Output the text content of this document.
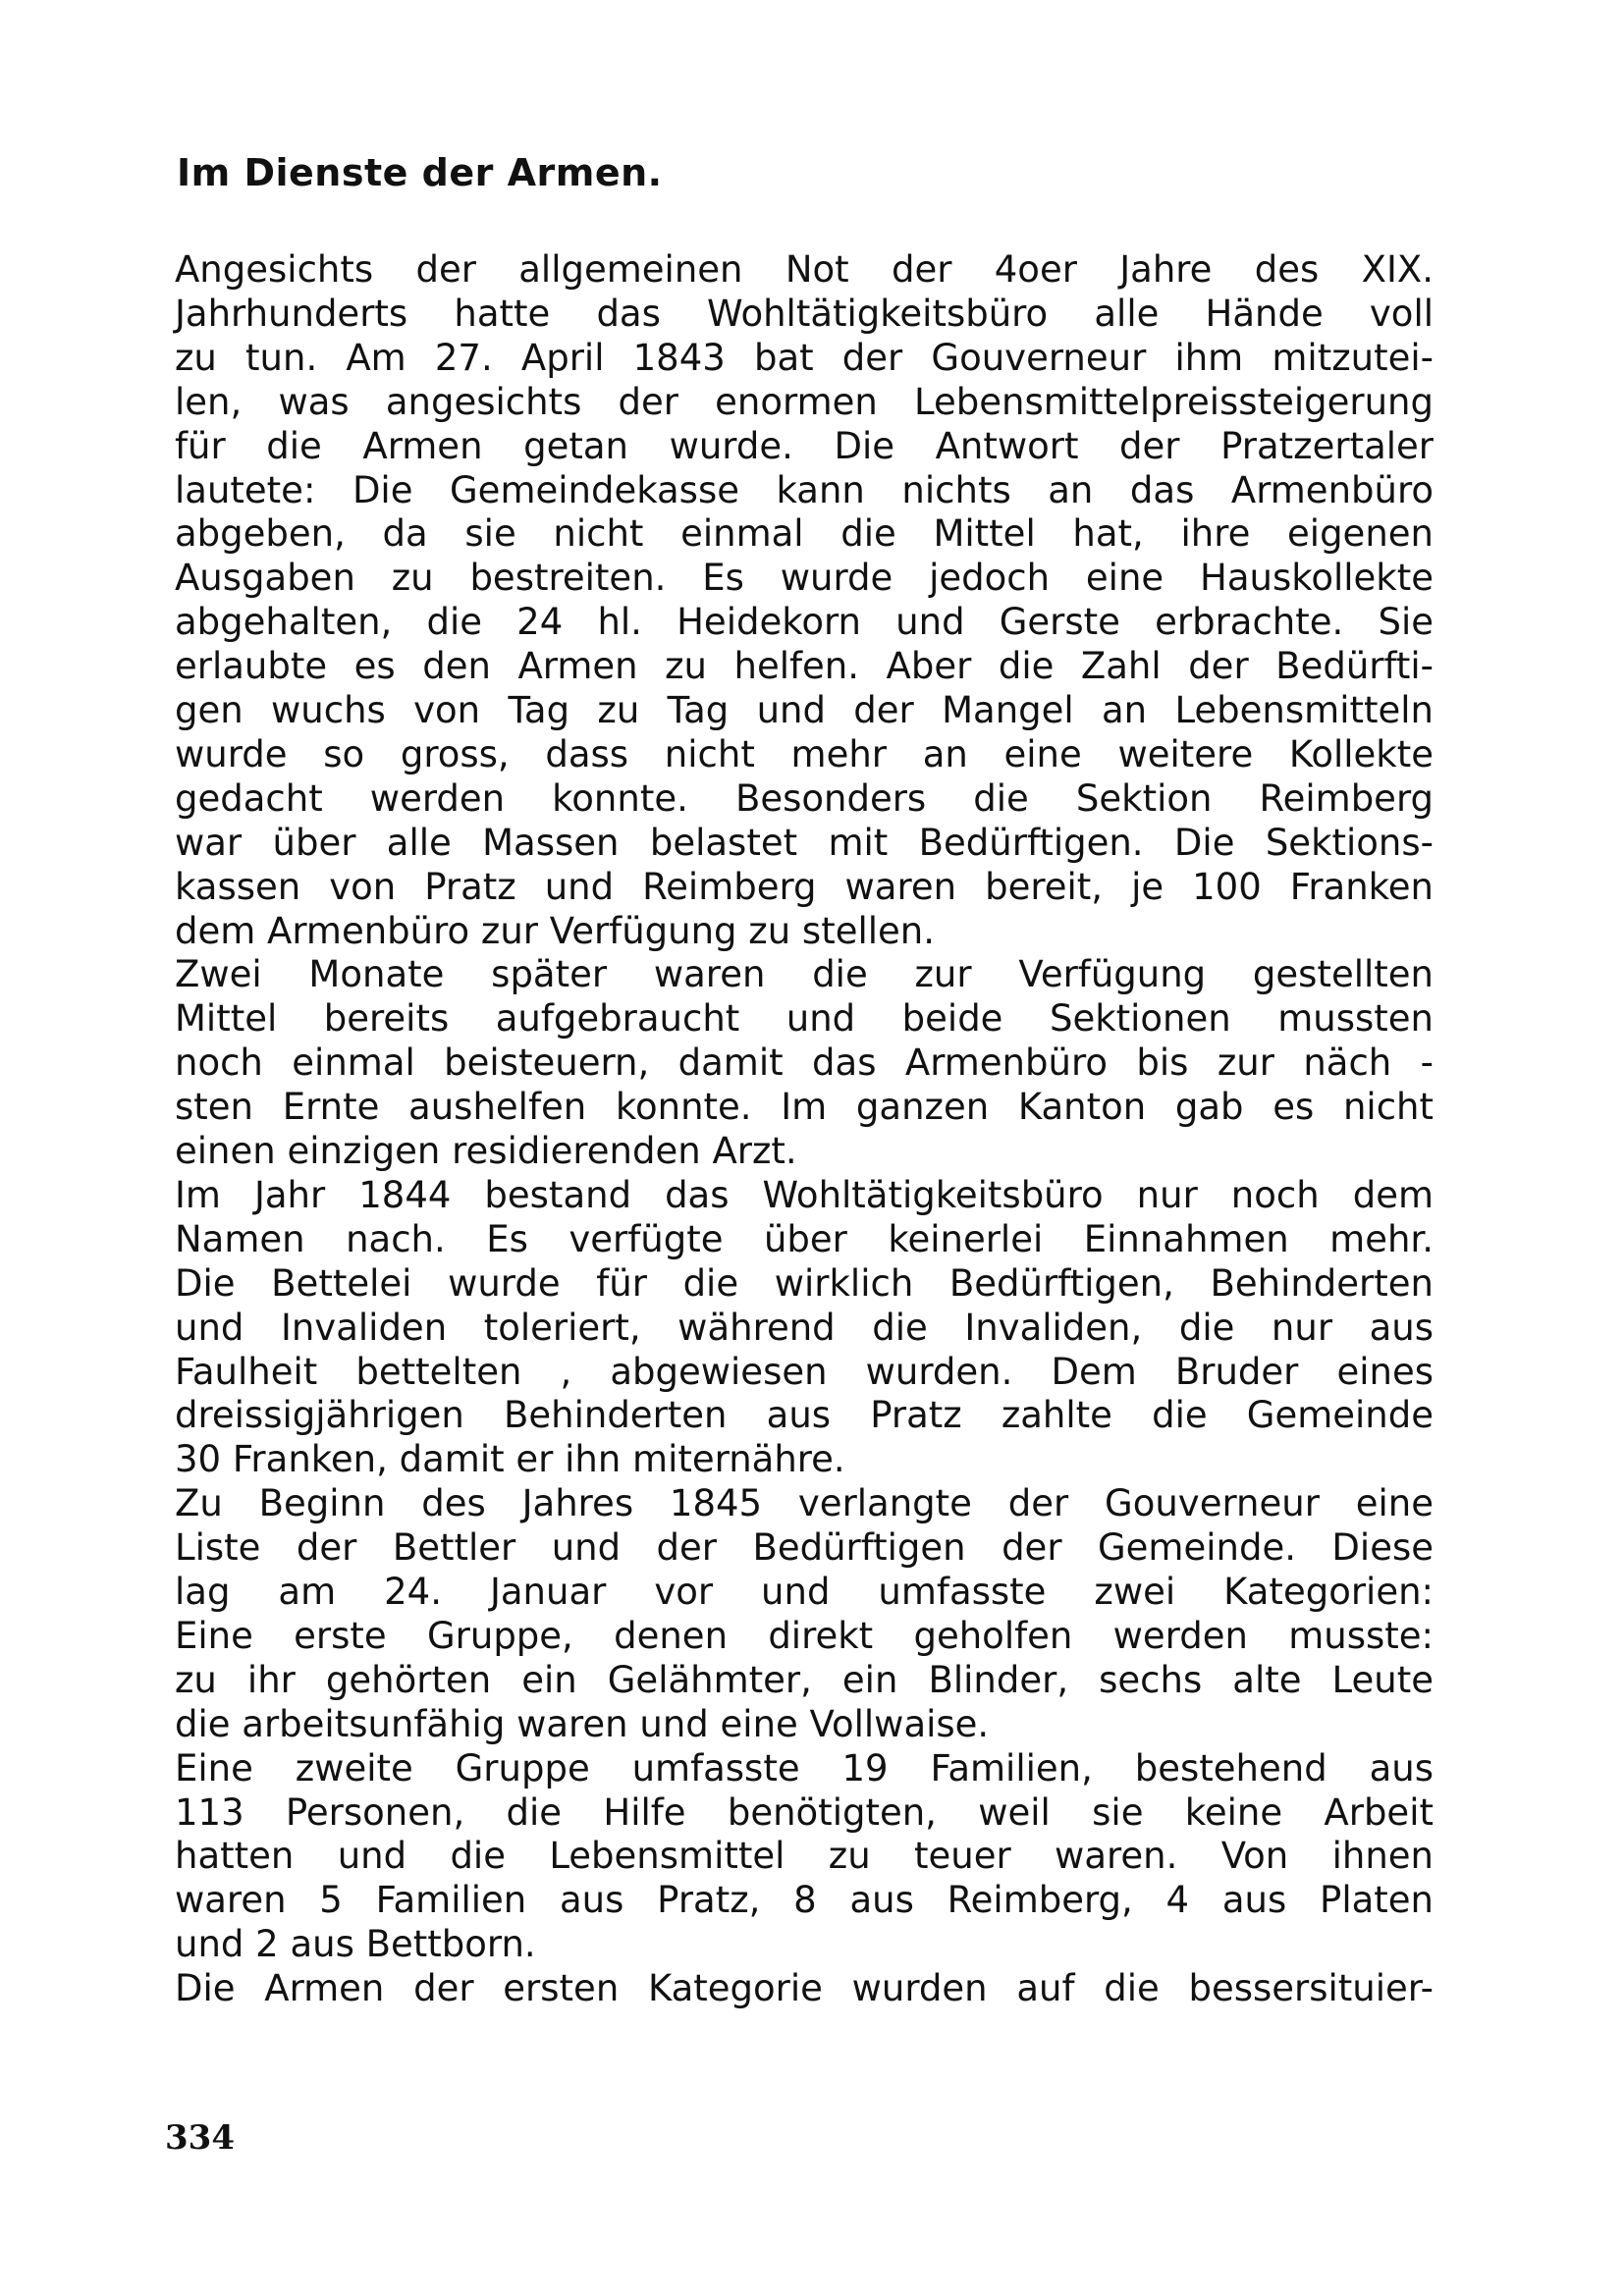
Im Dienste der Armen.
Angesichts der allgemeinen Not der 4oer Jahre des XIX.
Jahrhunderts hatte das Wohltätigkeitsbüro alle Hände voll
zu tun. Am 27. April 1843 bat der Gouverneur ihm mitzutei-
len, was angesichts der enormen Lebensmittelpreissteigerung
für die Armen getan wurde. Die Antwort der Pratzertaler
lautete: Die Gemeindekasse kann nichts an das Armenbüro
abgeben, da sie nicht einmal die Mittel hat, ihre eigenen
Ausgaben zu bestreiten. Es wurde jedoch eine Hauskollekte
abgehalten, die 24 hl. Heidekorn und Gerste erbrachte. Sie
erlaubte es den Armen zu helfen. Aber die Zahl der Bedürfti-
gen wuchs von Tag zu Tag und der Mangel an Lebensmitteln
wurde so gross, dass nicht mehr an eine weitere Kollekte
gedacht werden konnte. Besonders die Sektion Reimberg
war über alle Massen belastet mit Bedürftigen. Die Sektions-
kassen von Pratz und Reimberg waren bereit, je 100 Franken
dem Armenbüro zur Verfügung zu stellen.
Zwei Monate später waren die zur Verfügung gestellten
Mittel bereits aufgebraucht und beide Sektionen mussten
noch einmal beisteuern, damit das Armenbüro bis zur näch -
sten Ernte aushelfen konnte. Im ganzen Kanton gab es nicht
einen einzigen residierenden Arzt.
Im Jahr 1844 bestand das Wohltätigkeitsbüro nur noch dem
Namen nach. Es verfügte über keinerlei Einnahmen mehr.
Die Bettelei wurde für die wirklich Bedürftigen, Behinderten
und Invaliden toleriert, während die Invaliden, die nur aus
Faulheit bettelten , abgewiesen wurden. Dem Bruder eines
dreissigjährigen Behinderten aus Pratz zahlte die Gemeinde
30 Franken, damit er ihn miternähre.
Zu Beginn des Jahres 1845 verlangte der Gouverneur eine
Liste der Bettler und der Bedürftigen der Gemeinde. Diese
lag am 24. Januar vor und umfasste zwei Kategorien:
Eine erste Gruppe, denen direkt geholfen werden musste:
zu ihr gehörten ein Gelähmter, ein Blinder, sechs alte Leute
die arbeitsunfähig waren und eine Vollwaise.
Eine zweite Gruppe umfasste 19 Familien, bestehend aus
113 Personen, die Hilfe benötigten, weil sie keine Arbeit
hatten und die Lebensmittel zu teuer waren. Von ihnen
waren 5 Familien aus Pratz, 8 aus Reimberg, 4 aus Platen
und 2 aus Bettborn.
Die Armen der ersten Kategorie wurden auf die bessersituier-
334
